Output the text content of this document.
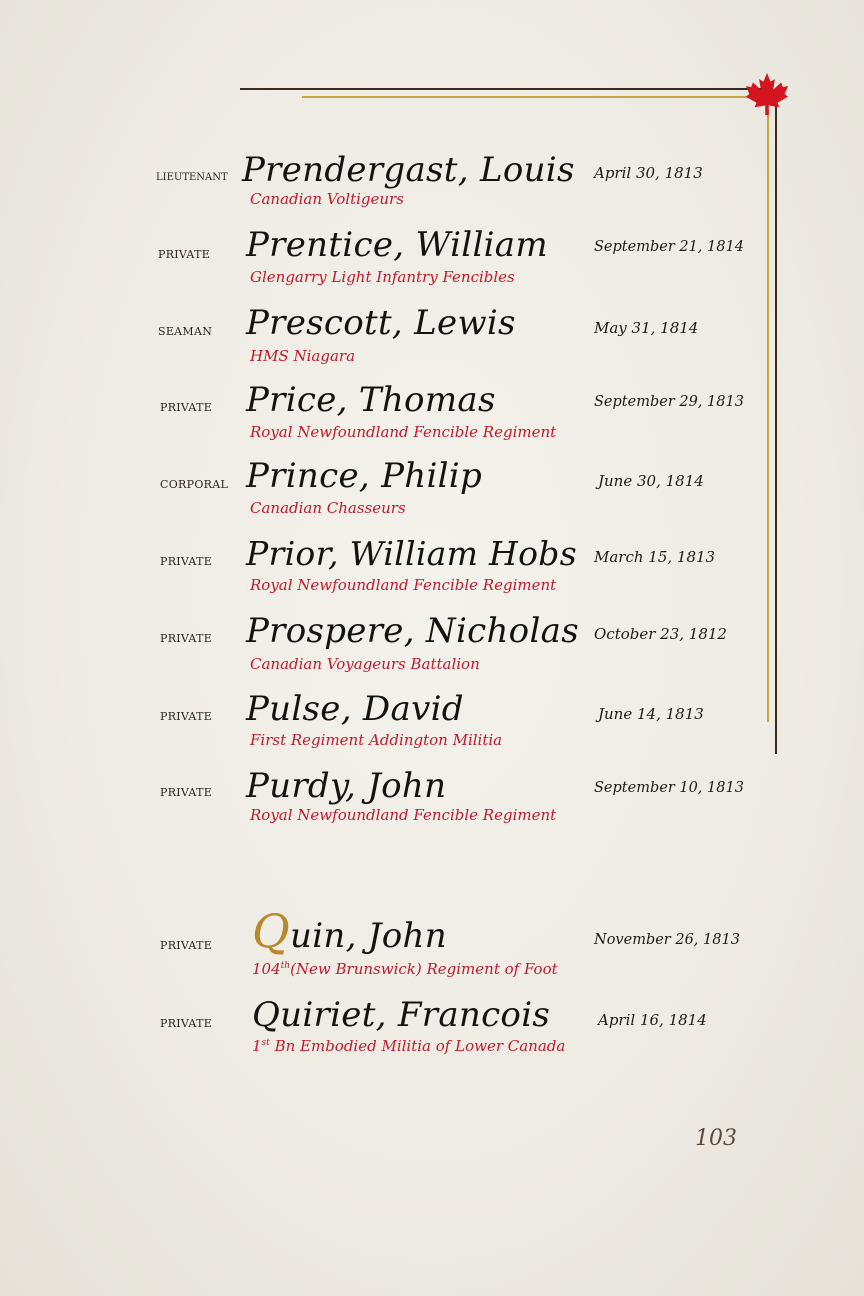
LIEUTENANT Prendergast, Louis
Canadian Voltigeurs
April 30, 1813
PRIVATE	Prentice, William
Glengarry Light Infantry Fencibles
September 21, 1814
SEAMAN Prescott, Lewis
HMS Niagara
May 31, 1814
PRIVATE Price, Thomas
Royal Newfoundland Fencible Regiment
September 29, 1813
CORPORAL Prince, Philip
Canadian Chasseurs
June 30, 1814
PRIVATE	Prior, William Hobs
Royal Newfoundland Fencible Regiment
March 15, 1813
PRIVATE Prospere, Nicholas
Canadian Voyageurs Battalion
October 23, 1812
PRIVATE Pulse, David
First Regiment Addington Militia
June 14, 1813
PRIVATE Purdy, John
Royal Newfoundland Fencible Regiment
September 10, 1813
PRIVATE Quin, John
104th(New Brunswick) Regiment of Foot
November 26, 1813
PRIVATE	Quiriet, Francois
1st Bn Embodied Militia of Lower Canada
April 16, 1814
103
